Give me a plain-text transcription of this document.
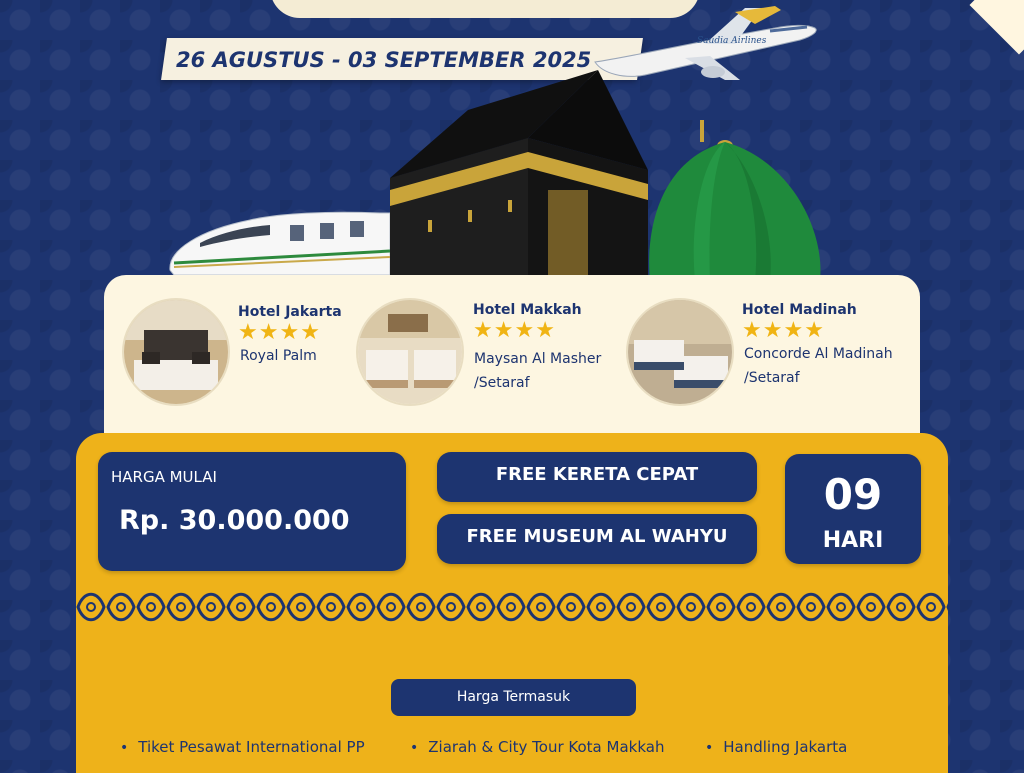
26 AGUSTUS - 03 SEPTEMBER 2025
Saudia Airlines
Hotel Jakarta
★★★★
Royal Palm
Hotel Makkah
★★★★
Maysan Al Masher
/Setaraf
Hotel Madinah
★★★★
Concorde Al Madinah
/Setaraf
HARGA MULAI
Rp. 30.000.000
FREE KERETA CEPAT
FREE MUSEUM AL WAHYU
09
HARI
Harga Termasuk
• Tiket Pesawat International PP	• Ziarah & City Tour Kota Makkah	• Handling Jakarta
